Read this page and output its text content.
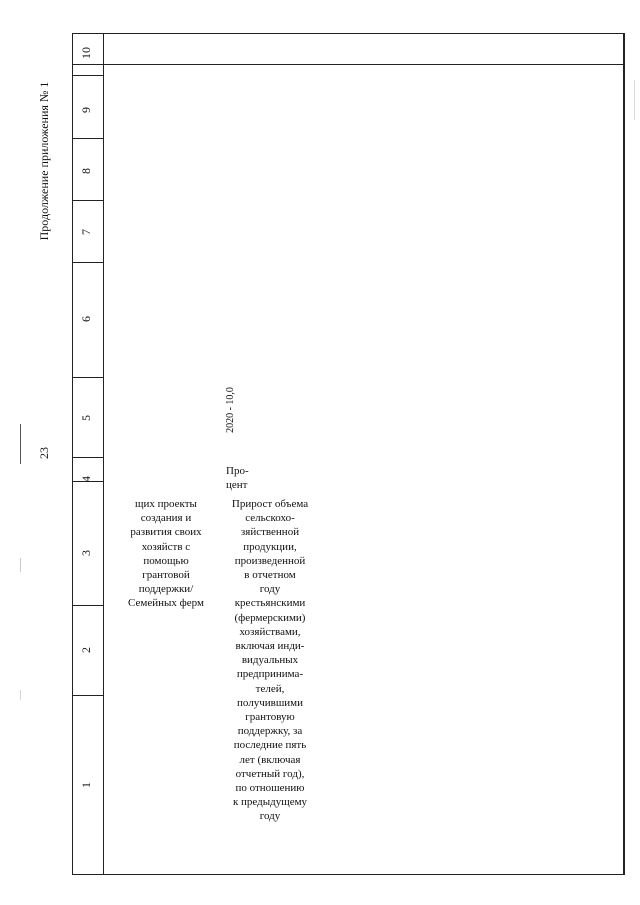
23
Продолжение приложения № 1
1
2
3
4
5
6
7
8
9
10
щих проекты
создания и
развития своих
хозяйств с
помощью
грантовой
поддержки/
Семейных ферм
Прирост объема
сельскохо-
зяйственной
продукции,
произведенной
в отчетном
году
крестьянскими
(фермерскими)
хозяйствами,
включая инди-
видуальных
предпринима-
телей,
получившими
грантовую
поддержку, за
последние пять
лет (включая
отчетный год),
по отношению
к предыдущему
году
Про-
цент
2020 - 10,0
